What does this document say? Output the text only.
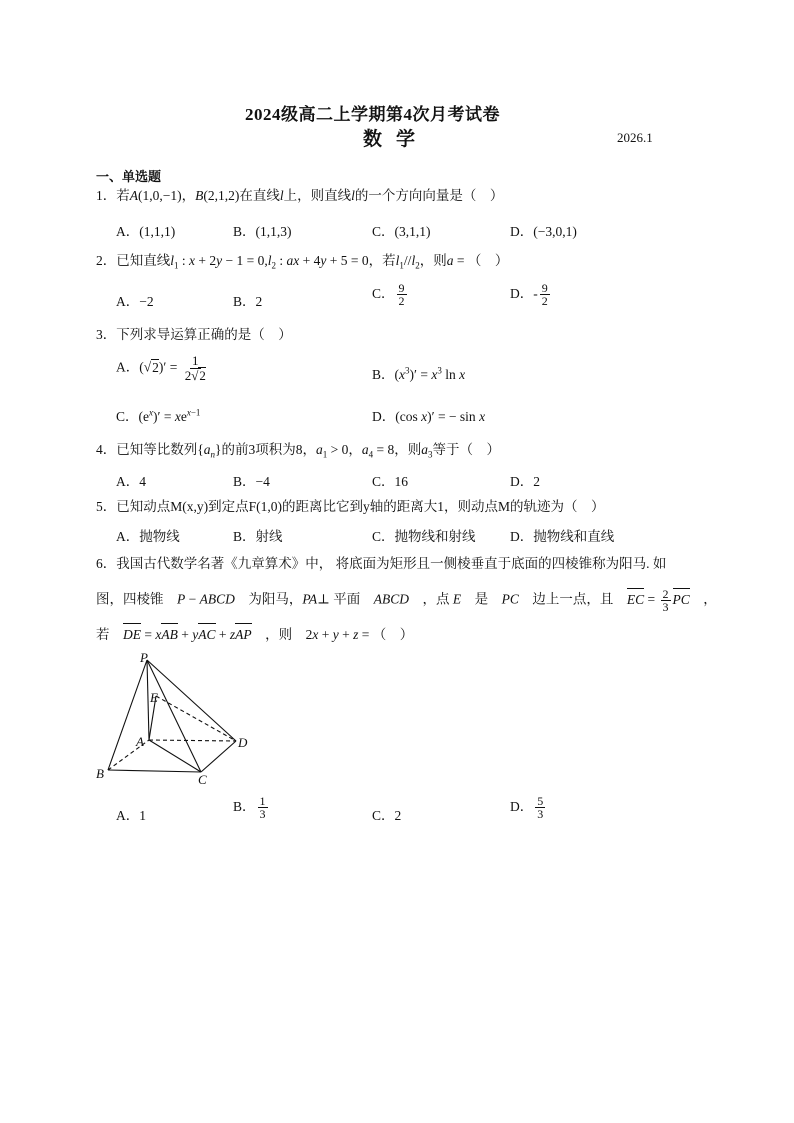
2024级高二上学期第4次月考试卷
数学	2026.1
一、单选题
1．若A(1,0,−1)，B(2,1,2)在直线l上，则直线l的一个方向向量是（　）
A．(1,1,1)	B．(1,1,3)	C．(3,1,1)	D．(−3,0,1)
2．已知直线$l_1$ : $x + 2y - 1 = 0,l_2$ : ax + 4y + 5 = 0，若$l_1//l_2$，则a = （　）
A．−2	B．2
C． $\frac{9}{2}$	D．- $\frac{9}{2}$
3．下列求导运算正确的是（　）
A．$(√2)' = \frac{1}{2√2}$	B．$(x^3)' = x^3$ ln x
C．$(e^x)' = xe^{x-1}$	D．(cos x)′ = − sin x
4．已知等比数列$\{a_n\}$的前3项积为8，$a_1 > 0$，$a_4 = 8$，则$a_3$等于（　）
A．4	B．−4	C．16	D．2
5．已知动点M(x,y)到定点F(1,0)的距离比它到y轴的距离大1，则动点M的轨迹为（　）
A．抛物线	B．射线	C．抛物线和射线	D．抛物线和直线
6．我国古代数学名著《九章算术》中， 将底面为矩形且一侧棱垂直于底面的四棱锥称为阳马. 如
图，四棱锥　P − ABCD　为阳马，PA⊥ 平面　ABCD　，点 E　是　PC　边上一点，且　EC = $\frac{2}{3}$ PC　，
若　DE = xAB + yAC + zAP　，则　2x + y + z = （　）
P
E
A	D
B	C
A．1
B． $\frac{1}{3}$	C．2
D． $\frac{5}{3}$
